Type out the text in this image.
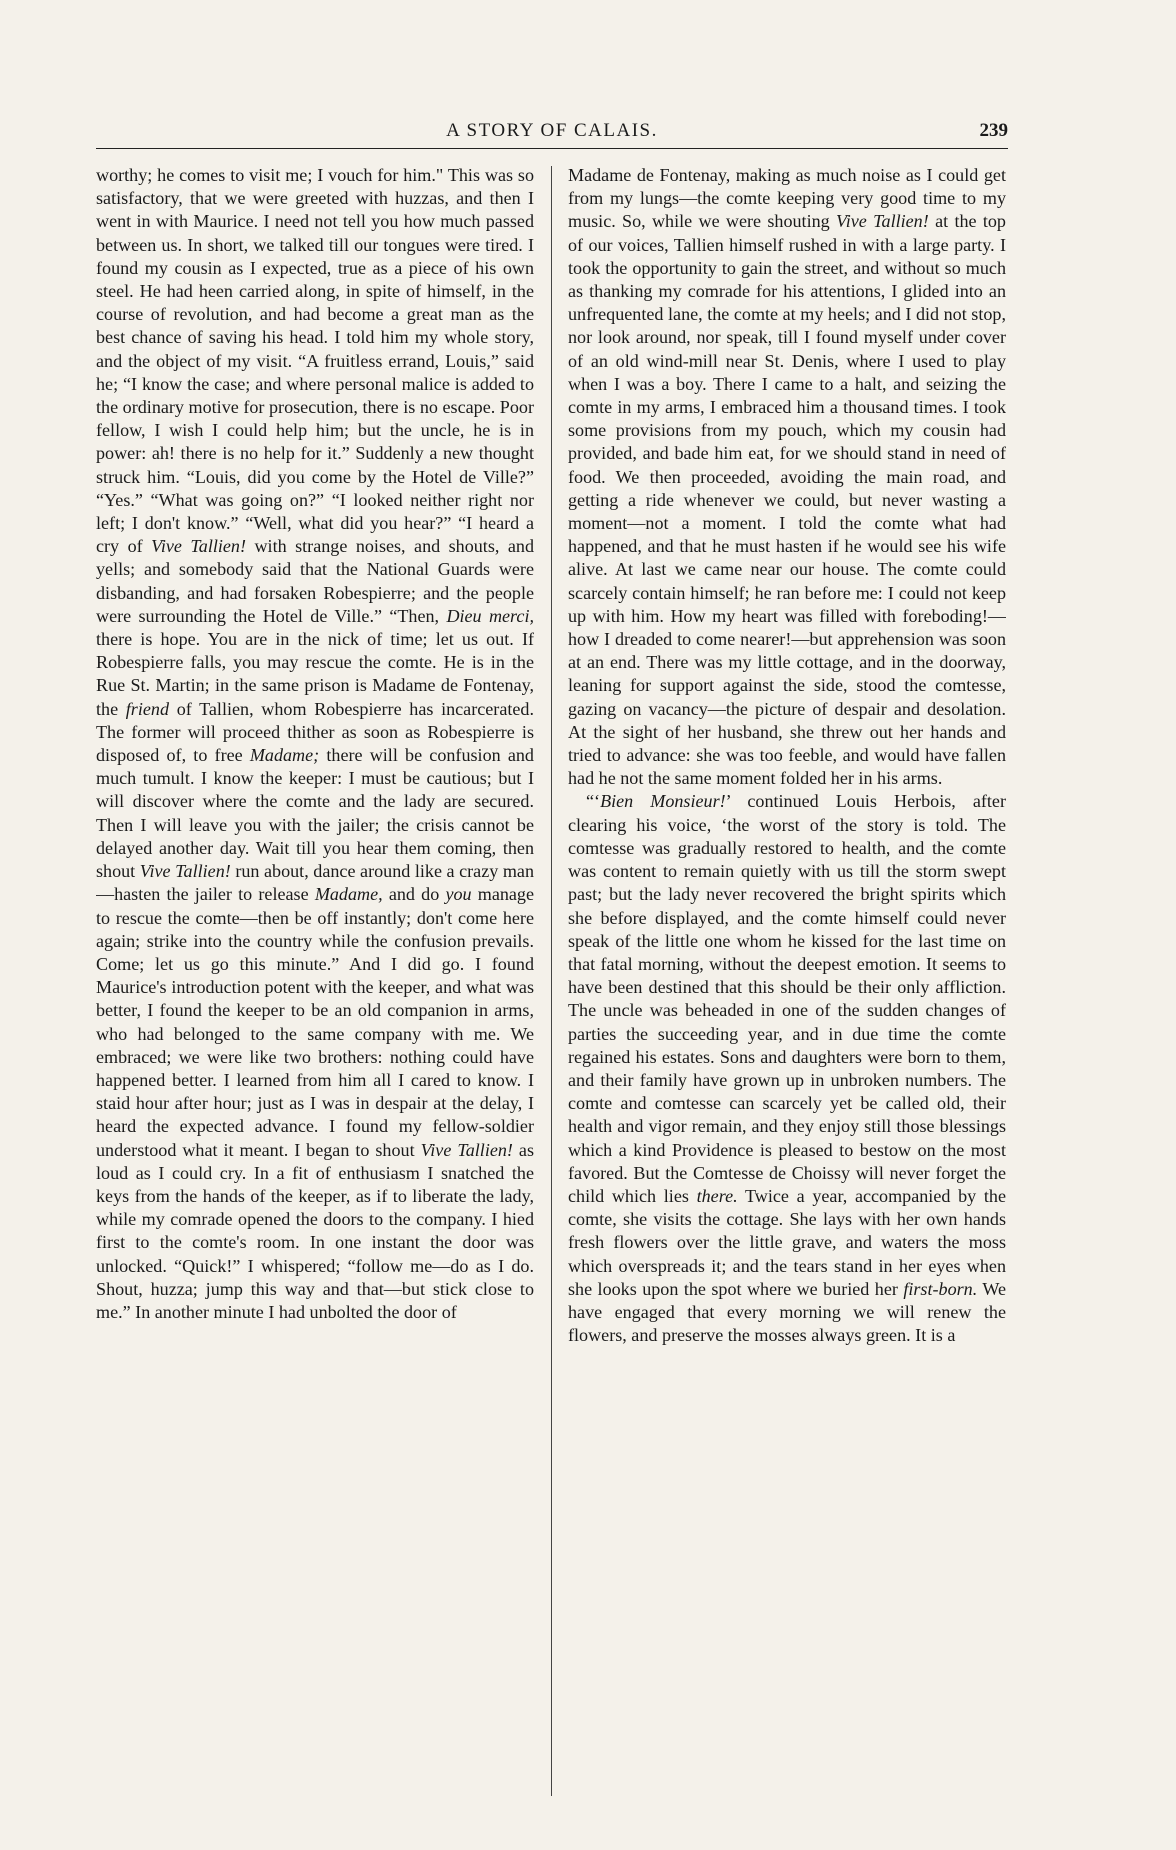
A STORY OF CALAIS.	239

worthy; he comes to visit me; I vouch for him." This was so satisfactory, that we were greeted with huzzas, and then I went in with Maurice. I need not tell you how much passed between us. In short, we talked till our tongues were tired. I found my cousin as I expected, true as a piece of his own steel. He had heen carried along, in spite of himself, in the course of revolution, and had become a great man as the best chance of saving his head. I told him my whole story, and the object of my visit. “A fruitless errand, Louis,” said he; “I know the case; and where personal malice is added to the ordinary motive for prosecution, there is no escape. Poor fellow, I wish I could help him; but the uncle, he is in power: ah! there is no help for it.” Suddenly a new thought struck him. “Louis, did you come by the Hotel de Ville?” “Yes.” “What was going on?” “I looked neither right nor left; I don't know.” “Well, what did you hear?” “I heard a cry of Vive Tallien! with strange noises, and shouts, and yells; and somebody said that the National Guards were disbanding, and had forsaken Robespierre; and the people were surrounding the Hotel de Ville.” “Then, Dieu merci, there is hope. You are in the nick of time; let us out. If Robespierre falls, you may rescue the comte. He is in the Rue St. Martin; in the same prison is Madame de Fontenay, the friend of Tallien, whom Robespierre has incarcerated. The former will proceed thither as soon as Robespierre is disposed of, to free Madame; there will be confusion and much tumult. I know the keeper: I must be cautious; but I will discover where the comte and the lady are secured. Then I will leave you with the jailer; the crisis cannot be delayed another day. Wait till you hear them coming, then shout Vive Tallien! run about, dance around like a crazy man—hasten the jailer to release Madame, and do you manage to rescue the comte—then be off instantly; don't come here again; strike into the country while the confusion prevails. Come; let us go this minute.” And I did go. I found Maurice's introduction potent with the keeper, and what was better, I found the keeper to be an old companion in arms, who had belonged to the same company with me. We embraced; we were like two brothers: nothing could have happened better. I learned from him all I cared to know. I staid hour after hour; just as I was in despair at the delay, I heard the expected advance. I found my fellow-soldier understood what it meant. I began to shout Vive Tallien! as loud as I could cry. In a fit of enthusiasm I snatched the keys from the hands of the keeper, as if to liberate the lady, while my comrade opened the doors to the company. I hied first to the comte's room. In one instant the door was unlocked. “Quick!” I whispered; “follow me—do as I do. Shout, huzza; jump this way and that—but stick close to me.” In another minute I had unbolted the door of

Madame de Fontenay, making as much noise as I could get from my lungs—the comte keeping very good time to my music. So, while we were shouting Vive Tallien! at the top of our voices, Tallien himself rushed in with a large party. I took the opportunity to gain the street, and without so much as thanking my comrade for his attentions, I glided into an unfrequented lane, the comte at my heels; and I did not stop, nor look around, nor speak, till I found myself under cover of an old wind-mill near St. Denis, where I used to play when I was a boy. There I came to a halt, and seizing the comte in my arms, I embraced him a thousand times. I took some provisions from my pouch, which my cousin had provided, and bade him eat, for we should stand in need of food. We then proceeded, avoiding the main road, and getting a ride whenever we could, but never wasting a moment—not a moment. I told the comte what had happened, and that he must hasten if he would see his wife alive. At last we came near our house. The comte could scarcely contain himself; he ran before me: I could not keep up with him. How my heart was filled with foreboding!—how I dreaded to come nearer!—but apprehension was soon at an end. There was my little cottage, and in the doorway, leaning for support against the side, stood the comtesse, gazing on vacancy—the picture of despair and desolation. At the sight of her husband, she threw out her hands and tried to advance: she was too feeble, and would have fallen had he not the same moment folded her in his arms.

“‘Bien Monsieur!’ continued Louis Herbois, after clearing his voice, ‘the worst of the story is told. The comtesse was gradually restored to health, and the comte was content to remain quietly with us till the storm swept past; but the lady never recovered the bright spirits which she before displayed, and the comte himself could never speak of the little one whom he kissed for the last time on that fatal morning, without the deepest emotion. It seems to have been destined that this should be their only affliction. The uncle was beheaded in one of the sudden changes of parties the succeeding year, and in due time the comte regained his estates. Sons and daughters were born to them, and their family have grown up in unbroken numbers. The comte and comtesse can scarcely yet be called old, their health and vigor remain, and they enjoy still those blessings which a kind Providence is pleased to bestow on the most favored. But the Comtesse de Choissy will never forget the child which lies there. Twice a year, accompanied by the comte, she visits the cottage. She lays with her own hands fresh flowers over the little grave, and waters the moss which overspreads it; and the tears stand in her eyes when she looks upon the spot where we buried her first-born. We have engaged that every morning we will renew the flowers, and preserve the mosses always green. It is a
